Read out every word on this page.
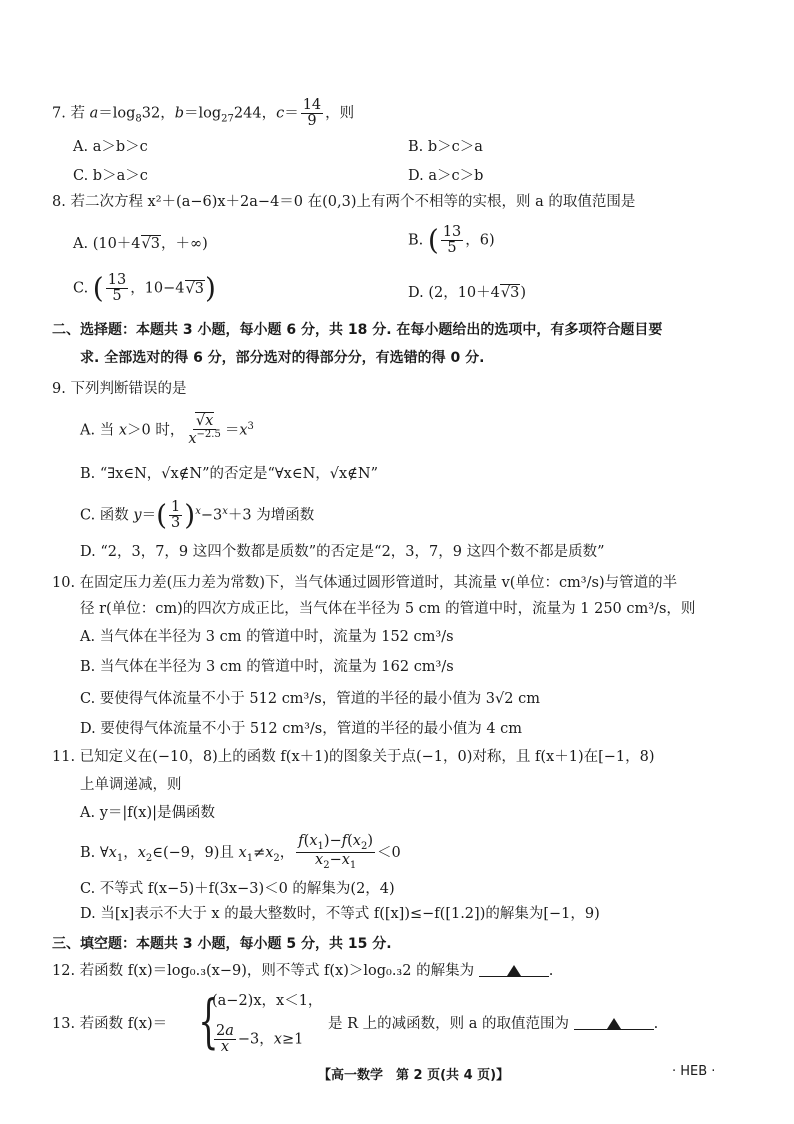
7. 若 $a=\log_832$，$b=\log_{27}244$，$c= \frac{14}{9}$ ，则
A. a＞b＞c	B. b＞c＞a
C. b＞a＞c	D. a＞c＞b
8. 若二次方程 x²＋(a−6)x＋2a−4＝0 在(0,3)上有两个不相等的实根，则 a 的取值范围是
A. (10＋4√3，＋∞)	B. ( $\frac{13}{5}$ ，6)
C. ( $\frac{13}{5}$ ，10−4√3)	D. (2，10＋4√3)
二、选择题：本题共 3 小题，每小题 6 分，共 18 分. 在每小题给出的选项中，有多项符合题目要
求. 全部选对的得 6 分，部分选对的得部分分，有选错的得 0 分.
9. 下列判断错误的是
A. 当 x＞0 时， $\frac{√x}{x^{-2.5}} =x^3$
B. “∃x∈N，√x∉N”的否定是“∀x∈N，√x∉N”
C. 函数 $y=( \frac{1}{3} )^x-3^x+3$ 为增函数
D. “2，3，7，9 这四个数都是质数”的否定是“2，3，7，9 这四个数不都是质数”
10. 在固定压力差(压力差为常数)下，当气体通过圆形管道时，其流量 v(单位：cm³/s)与管道的半
径 r(单位：cm)的四次方成正比，当气体在半径为 5 cm 的管道中时，流量为 1 250 cm³/s，则
A. 当气体在半径为 3 cm 的管道中时，流量为 152 cm³/s
B. 当气体在半径为 3 cm 的管道中时，流量为 162 cm³/s
C. 要使得气体流量不小于 512 cm³/s，管道的半径的最小值为 3√2 cm
D. 要使得气体流量不小于 512 cm³/s，管道的半径的最小值为 4 cm
11. 已知定义在(−10，8)上的函数 f(x＋1)的图象关于点(−1，0)对称，且 f(x＋1)在[−1，8)
上单调递减，则
A. y＝|f(x)|是偶函数
B. $\forall x_1$，$x_2\in(-9$，9)且 $x_1\ne x_2$， $\frac{f(x_1)-f(x_2)}{x_2-x_1} <0$
C. 不等式 f(x−5)＋f(3x−3)＜0 的解集为(2，4)
D. 当[x]表示不大于 x 的最大整数时，不等式 f([x])≤−f([1.2])的解集为[−1，9)
三、填空题：本题共 3 小题，每小题 5 分，共 15 分.
12. 若函数 f(x)＝log₀.₃(x−9)，则不等式 f(x)＞log₀.₃2 的解集为	.
13. 若函数 f(x)＝ {
(a−2)x，x＜1，
$\frac{2a}{x} -3$，x≥1
是 R 上的减函数，则 a 的取值范围为	.
【高一数学　第 2 页(共 4 页)】	· HEB ·
